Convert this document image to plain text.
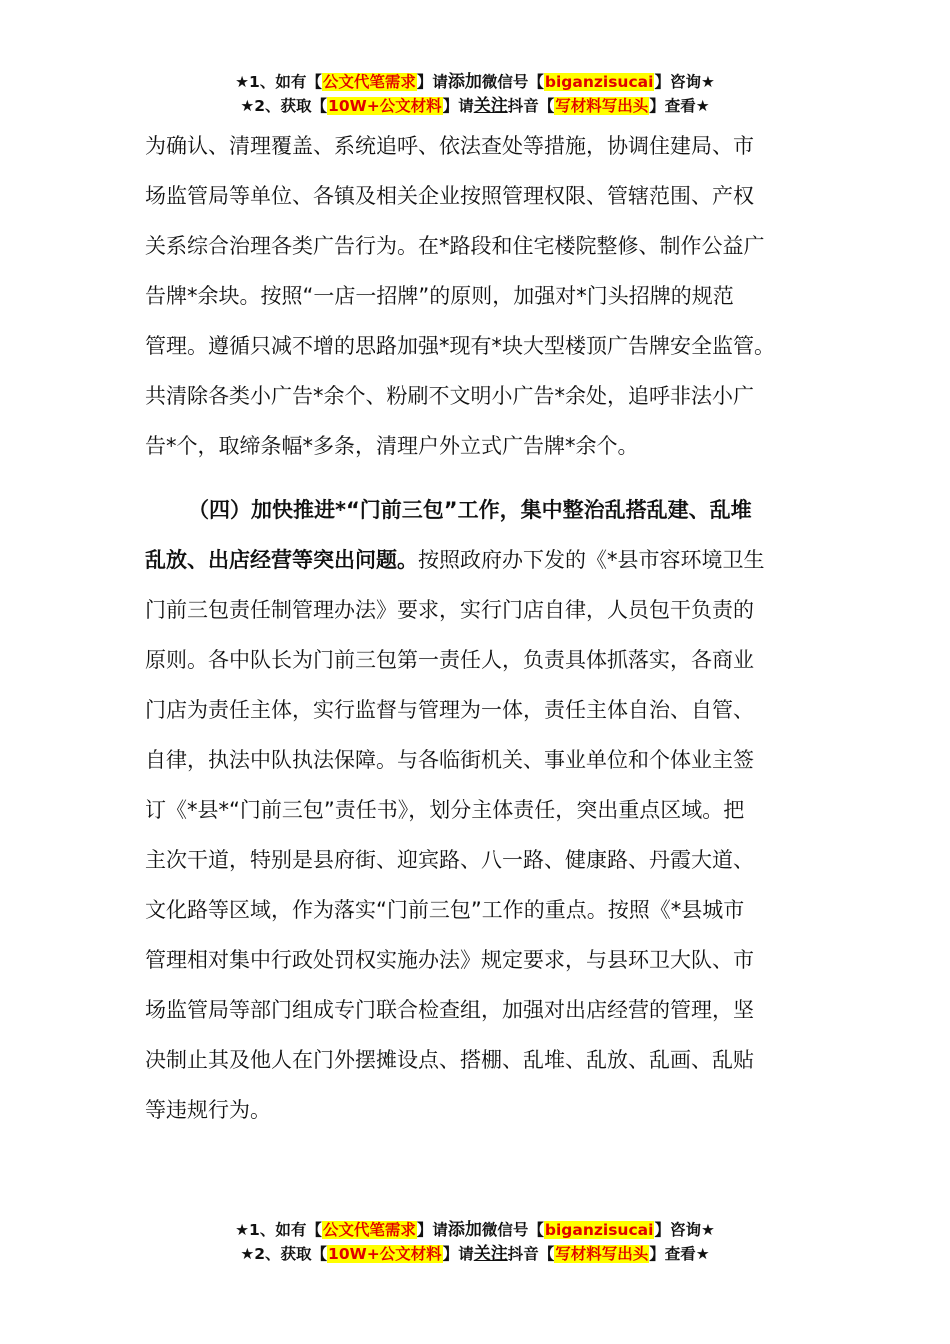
★1、如有【公文代笔需求】请添加微信号【biganzisucai】咨询★
★2、获取【10W+公文材料】请关注抖音【写材料写出头】查看★
为确认、清理覆盖、系统追呼、依法查处等措施，协调住建局、市
场监管局等单位、各镇及相关企业按照管理权限、管辖范围、产权
关系综合治理各类广告行为。在*路段和住宅楼院整修、制作公益广
告牌*余块。按照“一店一招牌”的原则，加强对*门头招牌的规范
管理。遵循只减不增的思路加强*现有*块大型楼顶广告牌安全监管。
共清除各类小广告*余个、粉刷不文明小广告*余处，追呼非法小广
告*个，取缔条幅*多条，清理户外立式广告牌*余个。
（四）加快推进*“门前三包”工作，集中整治乱搭乱建、乱堆
乱放、出店经营等突出问题。按照政府办下发的《*县市容环境卫生
门前三包责任制管理办法》要求，实行门店自律，人员包干负责的
原则。各中队长为门前三包第一责任人，负责具体抓落实，各商业
门店为责任主体，实行监督与管理为一体，责任主体自治、自管、
自律，执法中队执法保障。与各临街机关、事业单位和个体业主签
订《*县*“门前三包”责任书》，划分主体责任，突出重点区域。把
主次干道，特别是县府街、迎宾路、八一路、健康路、丹霞大道、
文化路等区域，作为落实“门前三包”工作的重点。按照《*县城市
管理相对集中行政处罚权实施办法》规定要求，与县环卫大队、市
场监管局等部门组成专门联合检查组，加强对出店经营的管理，坚
决制止其及他人在门外摆摊设点、搭棚、乱堆、乱放、乱画、乱贴
等违规行为。
★1、如有【公文代笔需求】请添加微信号【biganzisucai】咨询★
★2、获取【10W+公文材料】请关注抖音【写材料写出头】查看★
